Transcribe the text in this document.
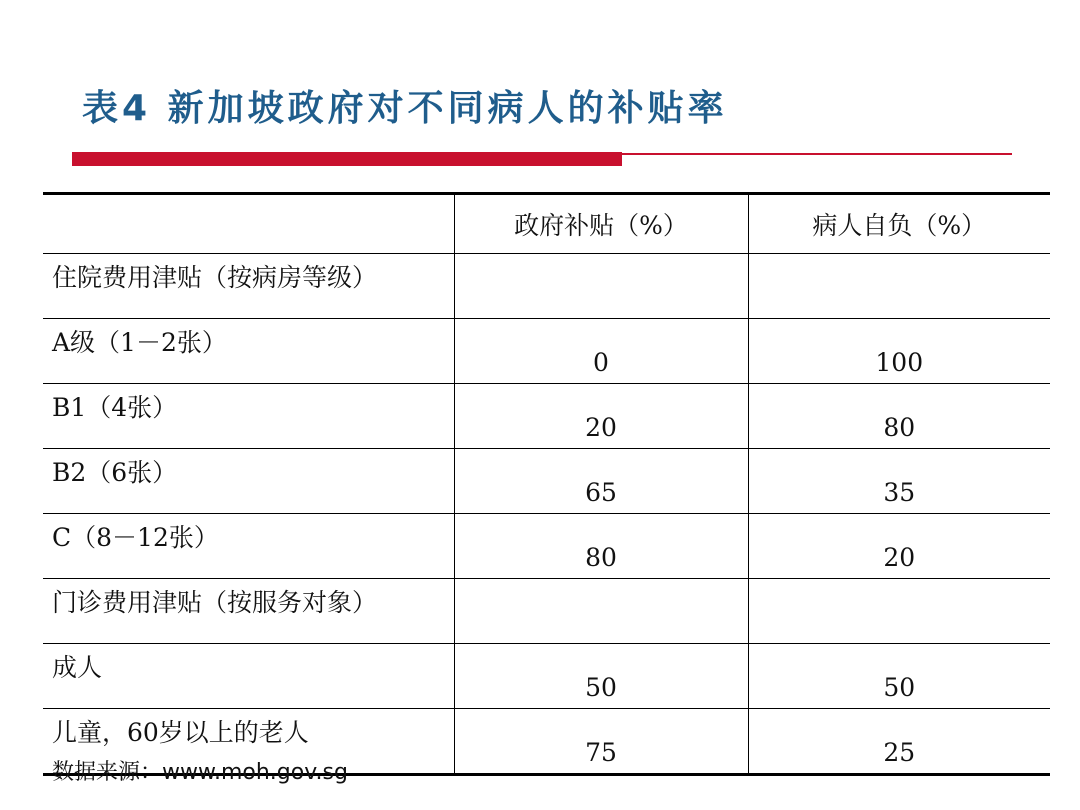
表4 新加坡政府对不同病人的补贴率
	政府补贴（%）	病人自负（%）
住院费用津贴（按病房等级）		
A级（1－2张）	0	100
B1（4张）	20	80
B2（6张）	65	35
C（8－12张）	80	20
门诊费用津贴（按服务对象）		
成人	50	50
儿童，60岁以上的老人	75	25
数据来源：www.moh.gov.sg
